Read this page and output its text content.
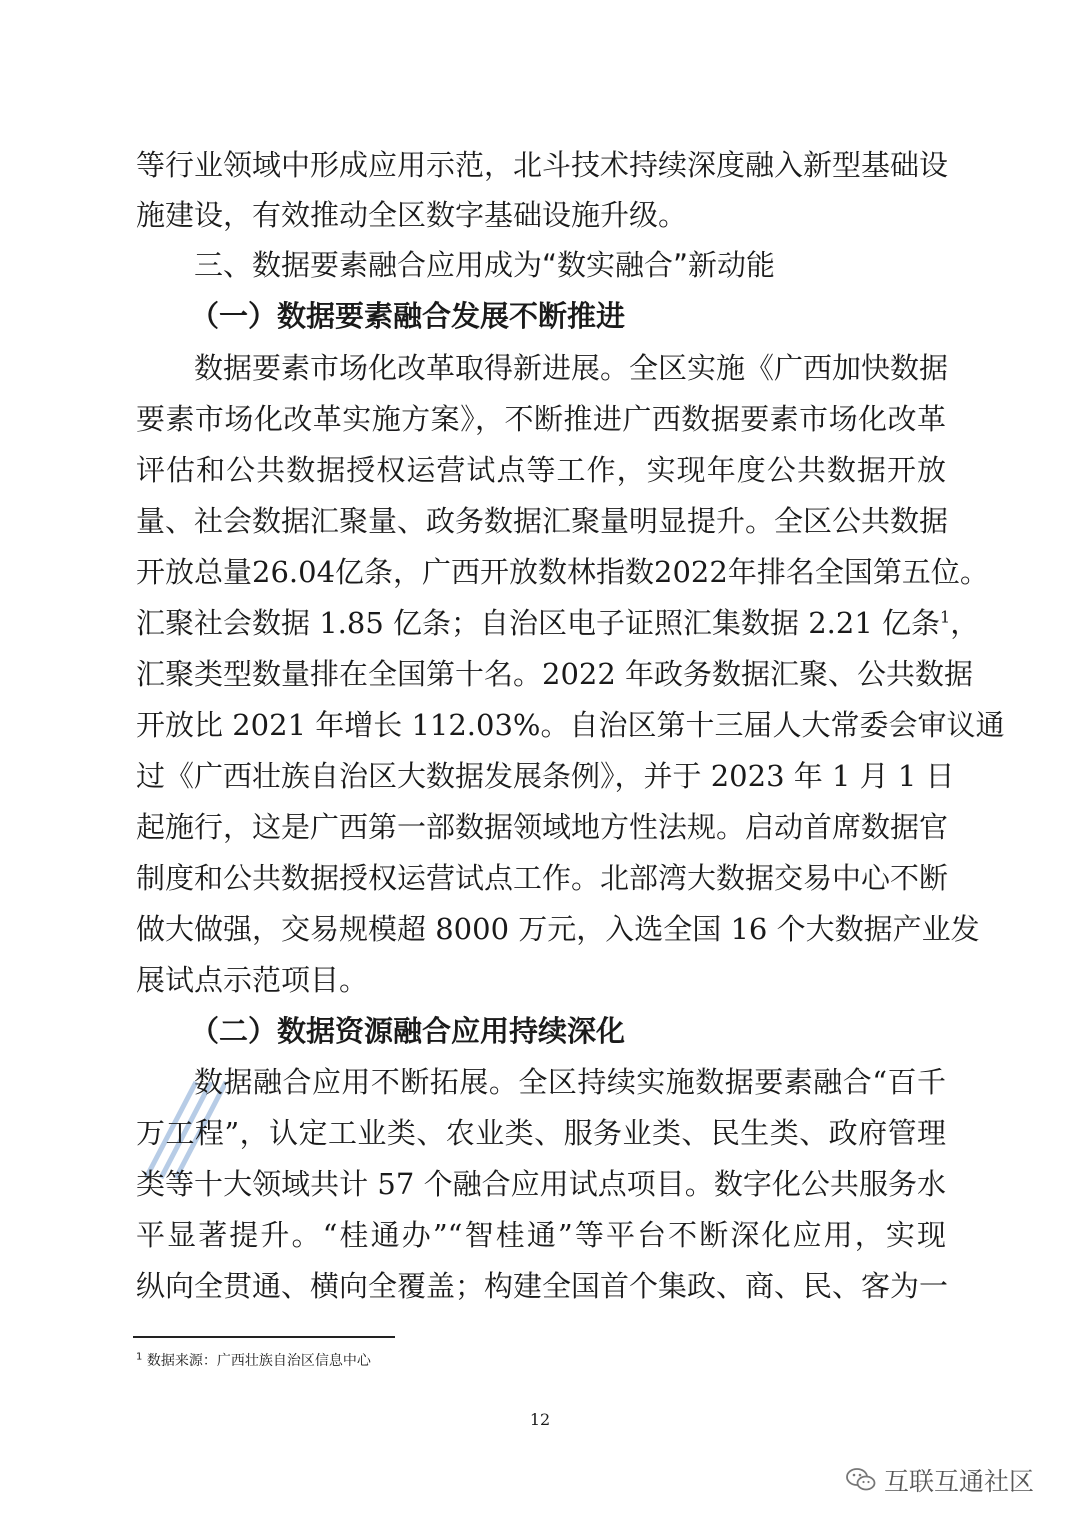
等行业领域中形成应用示范，北斗技术持续深度融入新型基础设
施建设，有效推动全区数字基础设施升级。
三、数据要素融合应用成为“数实融合”新动能
（一）数据要素融合发展不断推进
数据要素市场化改革取得新进展。全区实施《广西加快数据
要素市场化改革实施方案》，不断推进广西数据要素市场化改革
评估和公共数据授权运营试点等工作，实现年度公共数据开放
量、社会数据汇聚量、政务数据汇聚量明显提升。全区公共数据
开放总量26.04亿条，广西开放数林指数2022年排名全国第五位。
汇聚社会数据 1.85 亿条；自治区电子证照汇集数据 2.21 亿条$^1$，
汇聚类型数量排在全国第十名。2022 年政务数据汇聚、公共数据
开放比 2021 年增长 112.03%。自治区第十三届人大常委会审议通
过《广西壮族自治区大数据发展条例》，并于 2023 年 1 月 1 日
起施行，这是广西第一部数据领域地方性法规。启动首席数据官
制度和公共数据授权运营试点工作。北部湾大数据交易中心不断
做大做强，交易规模超 8000 万元，入选全国 16 个大数据产业发
展试点示范项目。
（二）数据资源融合应用持续深化
数据融合应用不断拓展。全区持续实施数据要素融合“百千
万工程”，认定工业类、农业类、服务业类、民生类、政府管理
类等十大领域共计 57 个融合应用试点项目。数字化公共服务水
平显著提升。“桂通办”“智桂通”等平台不断深化应用，实现
纵向全贯通、横向全覆盖；构建全国首个集政、商、民、客为一
$^1$ 数据来源：广西壮族自治区信息中心
12
互联互通社区
